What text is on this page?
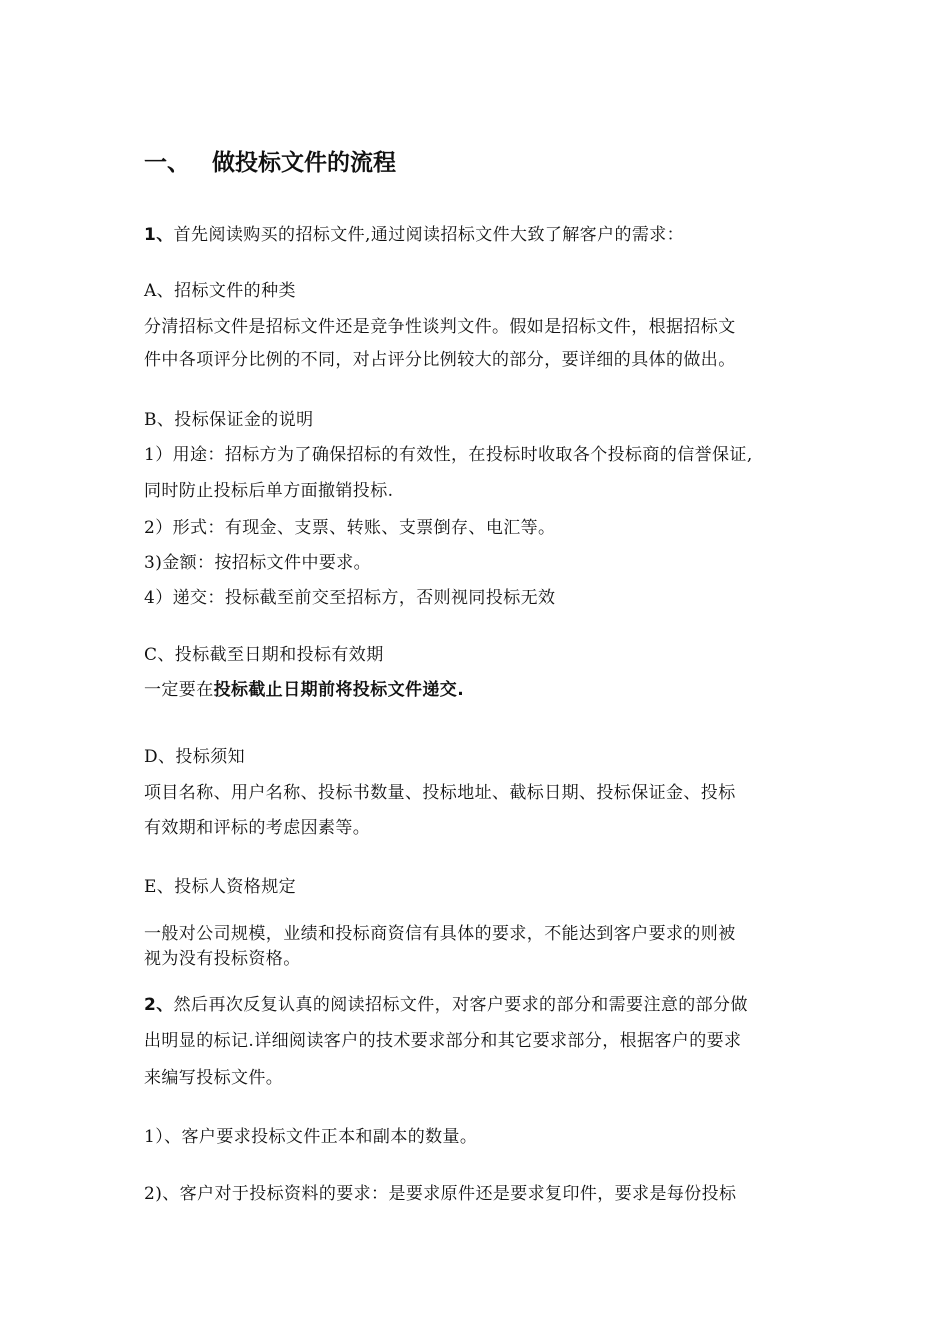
一、 做投标文件的流程
1、首先阅读购买的招标文件,通过阅读招标文件大致了解客户的需求：
A、招标文件的种类
分清招标文件是招标文件还是竞争性谈判文件。假如是招标文件，根据招标文
件中各项评分比例的不同，对占评分比例较大的部分，要详细的具体的做出。
B、投标保证金的说明
1）用途：招标方为了确保招标的有效性，在投标时收取各个投标商的信誉保证,
同时防止投标后单方面撤销投标.
2）形式：有现金、支票、转账、支票倒存、电汇等。
3)金额：按招标文件中要求。
4）递交：投标截至前交至招标方，否则视同投标无效
C、投标截至日期和投标有效期
一定要在投标截止日期前将投标文件递交.
D、投标须知
项目名称、用户名称、投标书数量、投标地址、截标日期、投标保证金、投标
有效期和评标的考虑因素等。
E、投标人资格规定
一般对公司规模，业绩和投标商资信有具体的要求，不能达到客户要求的则被
视为没有投标资格。
2、然后再次反复认真的阅读招标文件，对客户要求的部分和需要注意的部分做
出明显的标记.详细阅读客户的技术要求部分和其它要求部分，根据客户的要求
来编写投标文件。
1）、客户要求投标文件正本和副本的数量。
2)、客户对于投标资料的要求：是要求原件还是要求复印件，要求是每份投标
